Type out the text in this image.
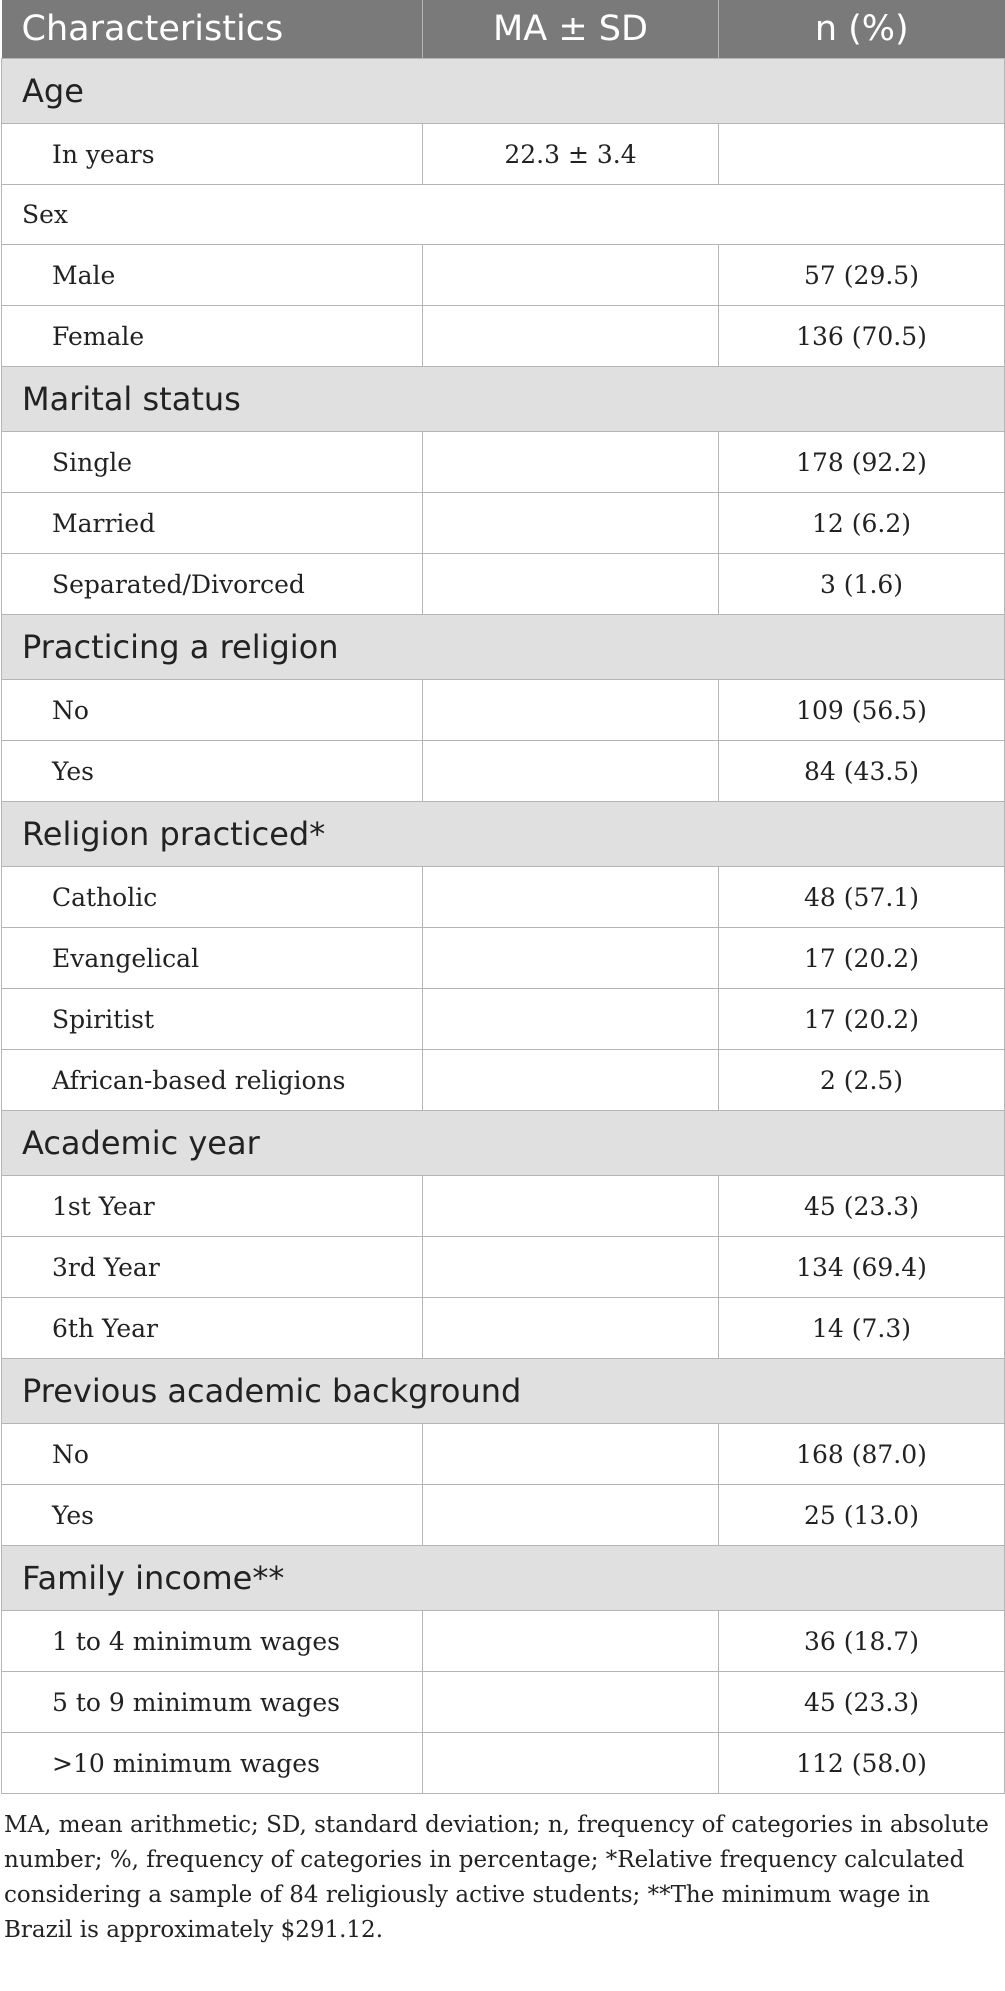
Characteristics	MA ± SD	n (%)
Age		
In years	22.3 ± 3.4	
Sex		
Male		57 (29.5)
Female		136 (70.5)
Marital status		
Single		178 (92.2)
Married		12 (6.2)
Separated/Divorced		3 (1.6)
Practicing a religion		
No		109 (56.5)
Yes		84 (43.5)
Religion practiced*		
Catholic		48 (57.1)
Evangelical		17 (20.2)
Spiritist		17 (20.2)
African-based religions		2 (2.5)
Academic year		
1st Year		45 (23.3)
3rd Year		134 (69.4)
6th Year		14 (7.3)
Previous academic background		
No		168 (87.0)
Yes		25 (13.0)
Family income**		
1 to 4 minimum wages		36 (18.7)
5 to 9 minimum wages		45 (23.3)
>10 minimum wages		112 (58.0)

MA, mean arithmetic; SD, standard deviation; n, frequency of categories in absolute number; %, frequency of categories in percentage; *Relative frequency calculated considering a sample of 84 religiously active students; **The minimum wage in Brazil is approximately $291.12.
